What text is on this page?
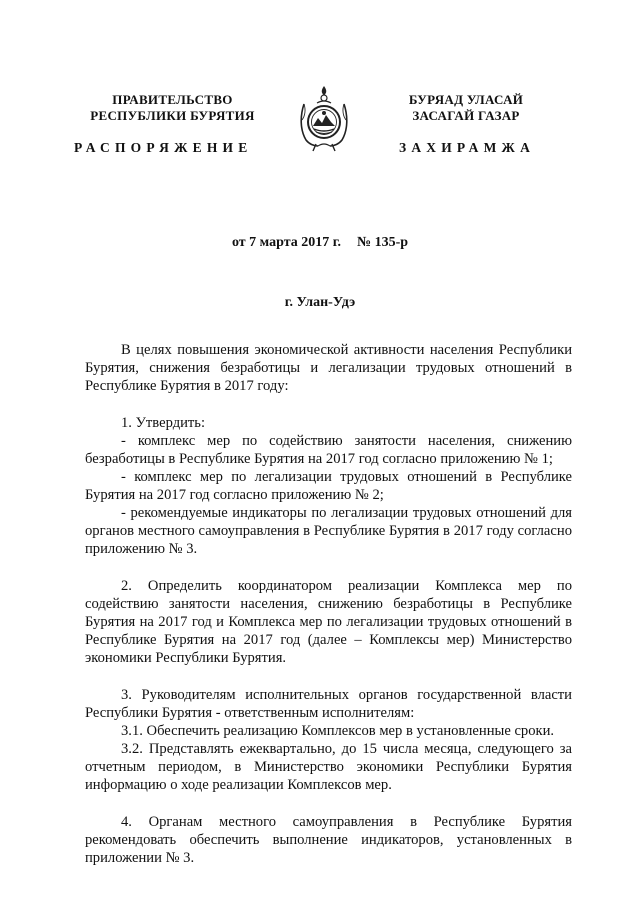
ПРАВИТЕЛЬСТВО
РЕСПУБЛИКИ БУРЯТИЯ
БУРЯАД УЛАСАЙ
ЗАСАГАЙ ГАЗАР
РАСПОРЯЖЕНИЕ	ЗАХИРАМЖА
от 7 марта 2017 г. № 135-р
г. Улан-Удэ

В целях повышения экономической активности населения Республики Бурятия, снижения безработицы и легализации трудовых отношений в Республике Бурятия в 2017 году:

1. Утвердить:

- комплекс мер по содействию занятости населения, снижению безработицы в Республике Бурятия на 2017 год согласно приложению № 1;

- комплекс мер по легализации трудовых отношений в Республике Бурятия на 2017 год согласно приложению № 2;

- рекомендуемые индикаторы по легализации трудовых отношений для органов местного самоуправления в Республике Бурятия в 2017 году согласно приложению № 3.

2. Определить координатором реализации Комплекса мер по содействию занятости населения, снижению безработицы в Республике Бурятия на 2017 год и Комплекса мер по легализации трудовых отношений в Республике Бурятия на 2017 год (далее – Комплексы мер) Министерство экономики Республики Бурятия.

3. Руководителям исполнительных органов государственной власти Республики Бурятия - ответственным исполнителям:

3.1. Обеспечить реализацию Комплексов мер в установленные сроки.

3.2. Представлять ежеквартально, до 15 числа месяца, следующего за отчетным периодом, в Министерство экономики Республики Бурятия информацию о ходе реализации Комплексов мер.

4. Органам местного самоуправления в Республике Бурятия рекомендовать обеспечить выполнение индикаторов, установленных в приложении № 3.
